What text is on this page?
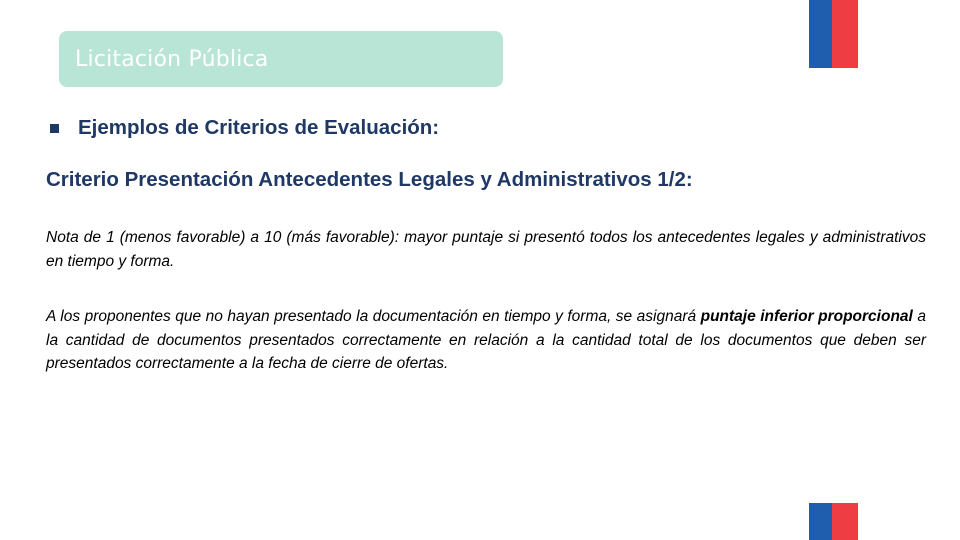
Licitación Pública
Ejemplos de Criterios de Evaluación:
Criterio Presentación Antecedentes Legales y Administrativos 1/2:
Nota de 1 (menos favorable) a 10 (más favorable): mayor puntaje si presentó todos los antecedentes legales y administrativos en tiempo y forma.
A los proponentes que no hayan presentado la documentación en tiempo y forma, se asignará puntaje inferior proporcional a la cantidad de documentos presentados correctamente en relación a la cantidad total de los documentos que deben ser presentados correctamente a la fecha de cierre de ofertas.
